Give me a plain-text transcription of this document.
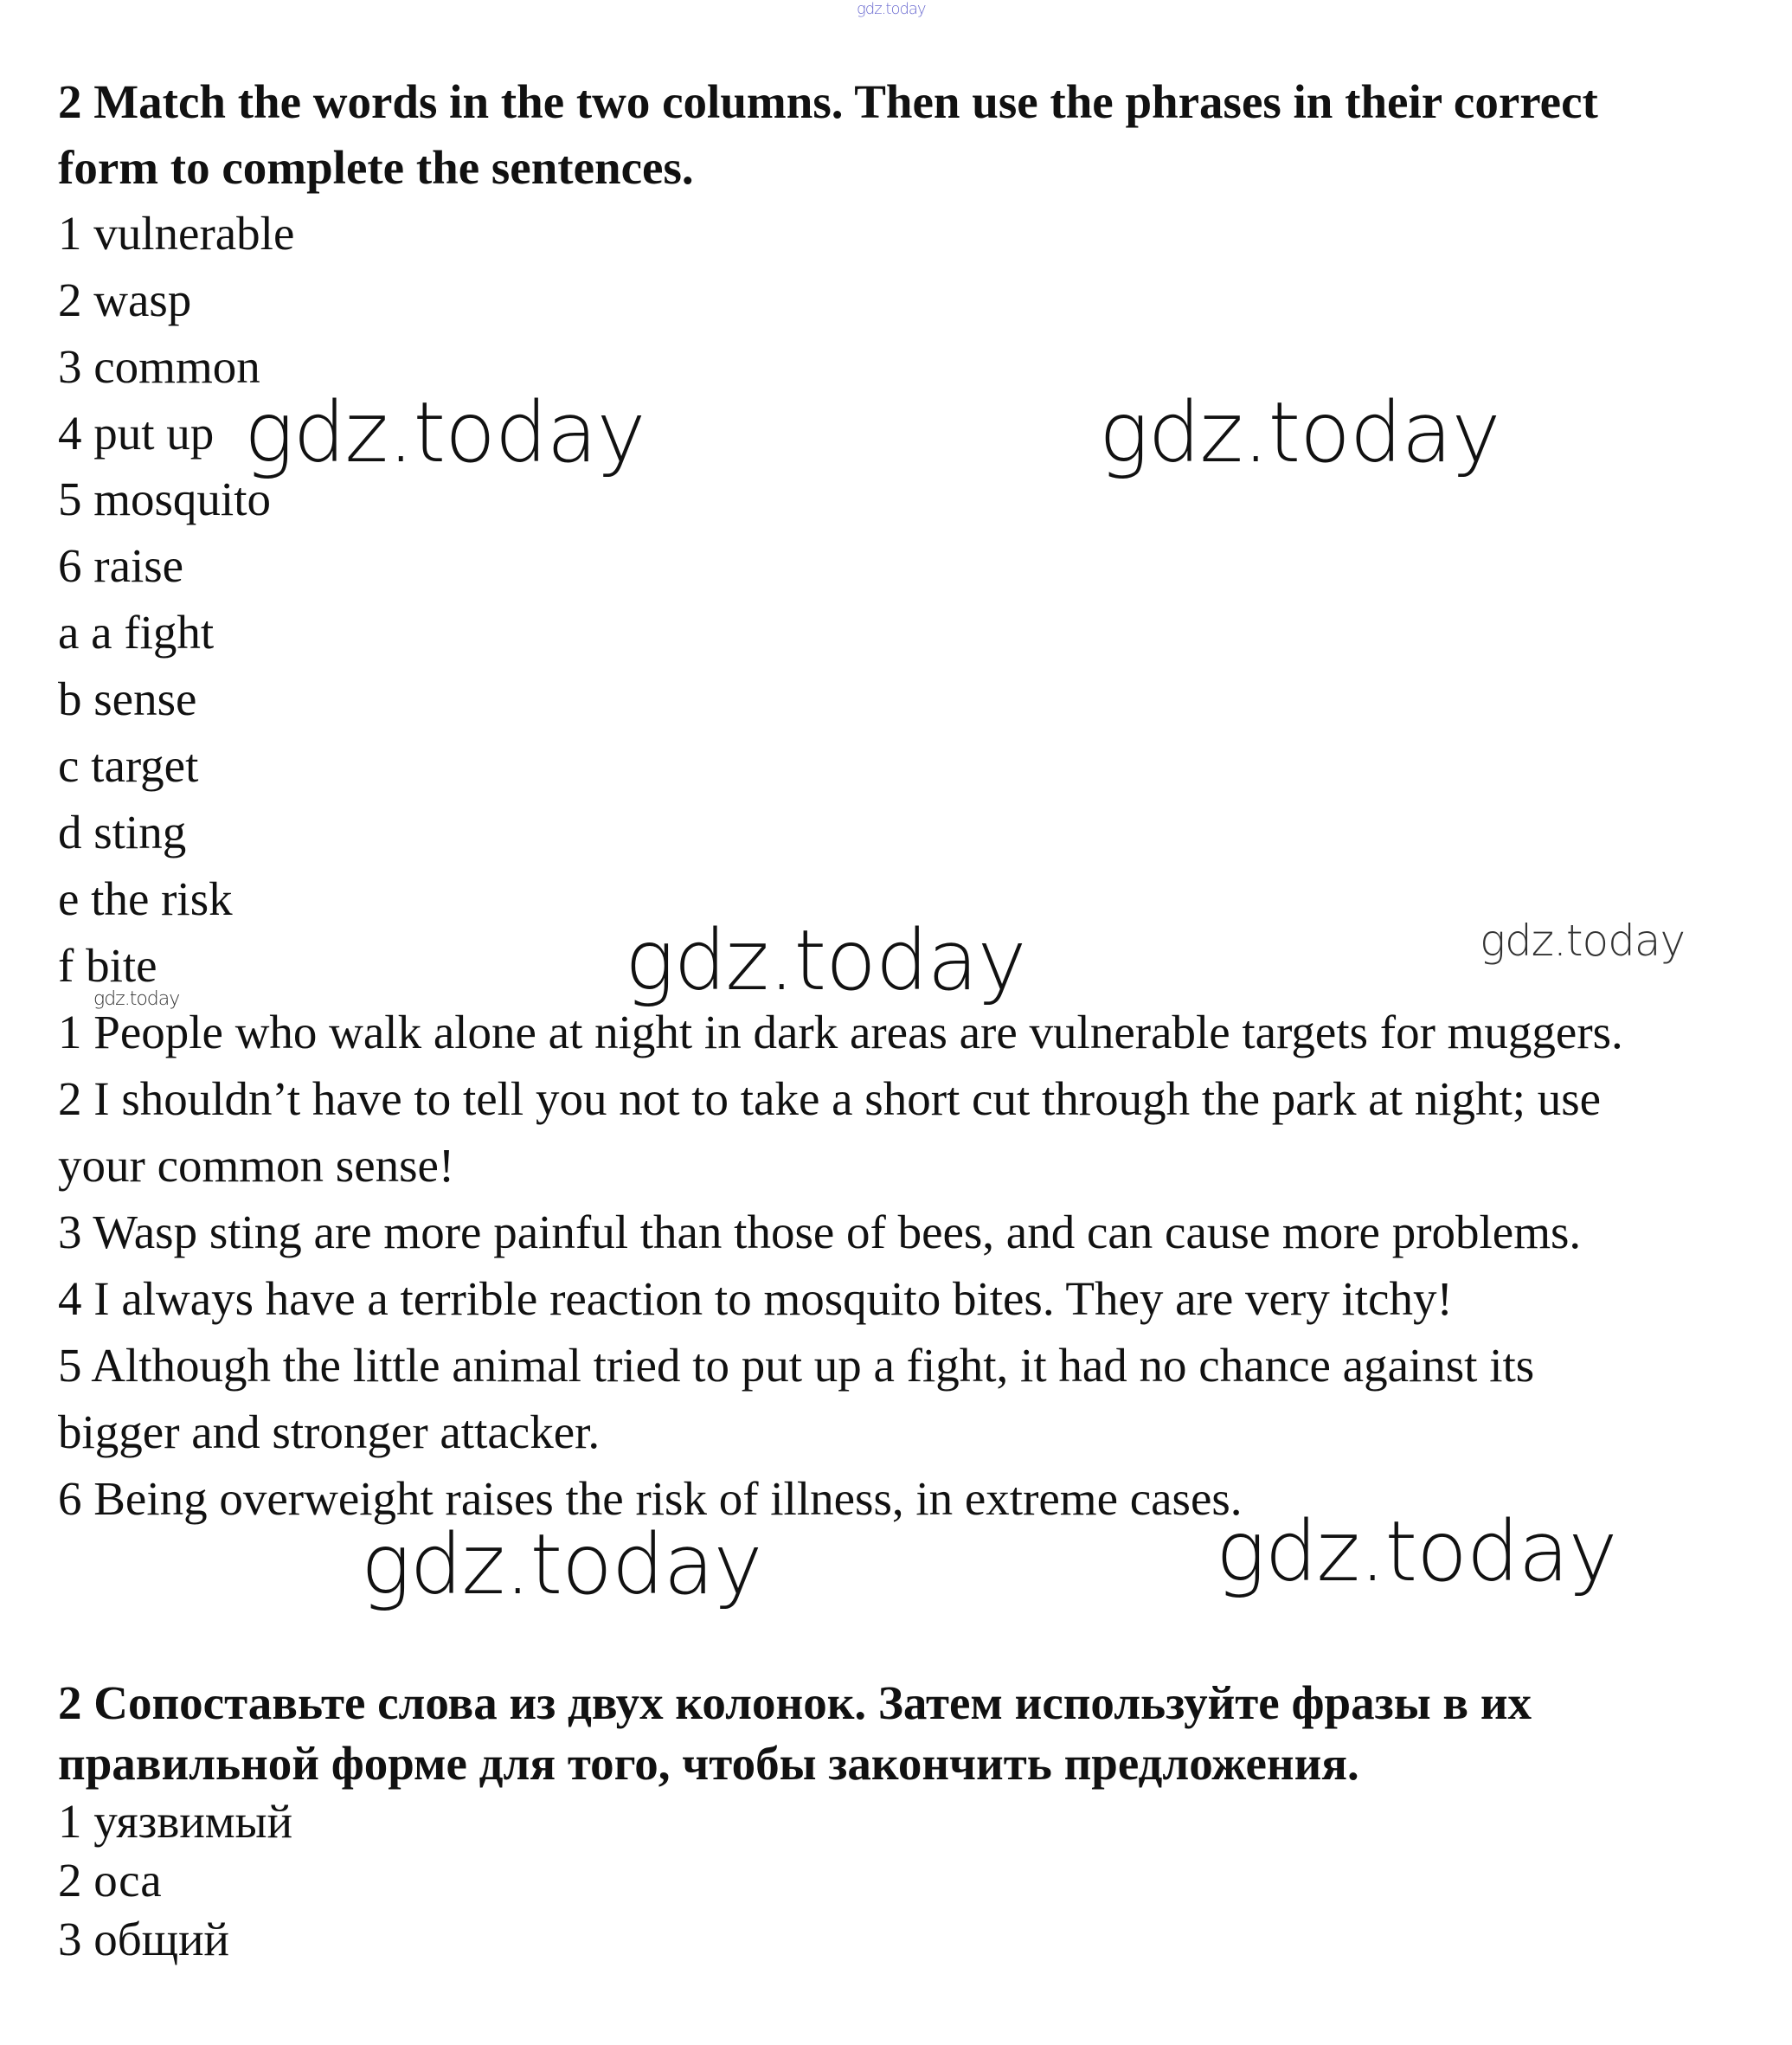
gdz.today
2 Match the words in the two columns. Then use the phrases in their correct
form to complete the sentences.
1 vulnerable
2 wasp
3 common
4 put up
5 mosquito
6 raise
a a fight
b sense
c target
d sting
e the risk
f bite
1 People who walk alone at night in dark areas are vulnerable targets for muggers.
2 I shouldn’t have to tell you not to take a short cut through the park at night; use
your common sense!
3 Wasp sting are more painful than those of bees, and can cause more problems.
4 I always have a terrible reaction to mosquito bites. They are very itchy!
5 Although the little animal tried to put up a fight, it had no chance against its
bigger and stronger attacker.
6 Being overweight raises the risk of illness, in extreme cases.
2 Сопоставьте слова из двух колонок. Затем используйте фразы в их
правильной форме для того, чтобы закончить предложения.
1 уязвимый
2 оса
3 общий
gdz.today	gdz.today
gdz.today	gdz.today
gdz.today
gdz.today	gdz.today
